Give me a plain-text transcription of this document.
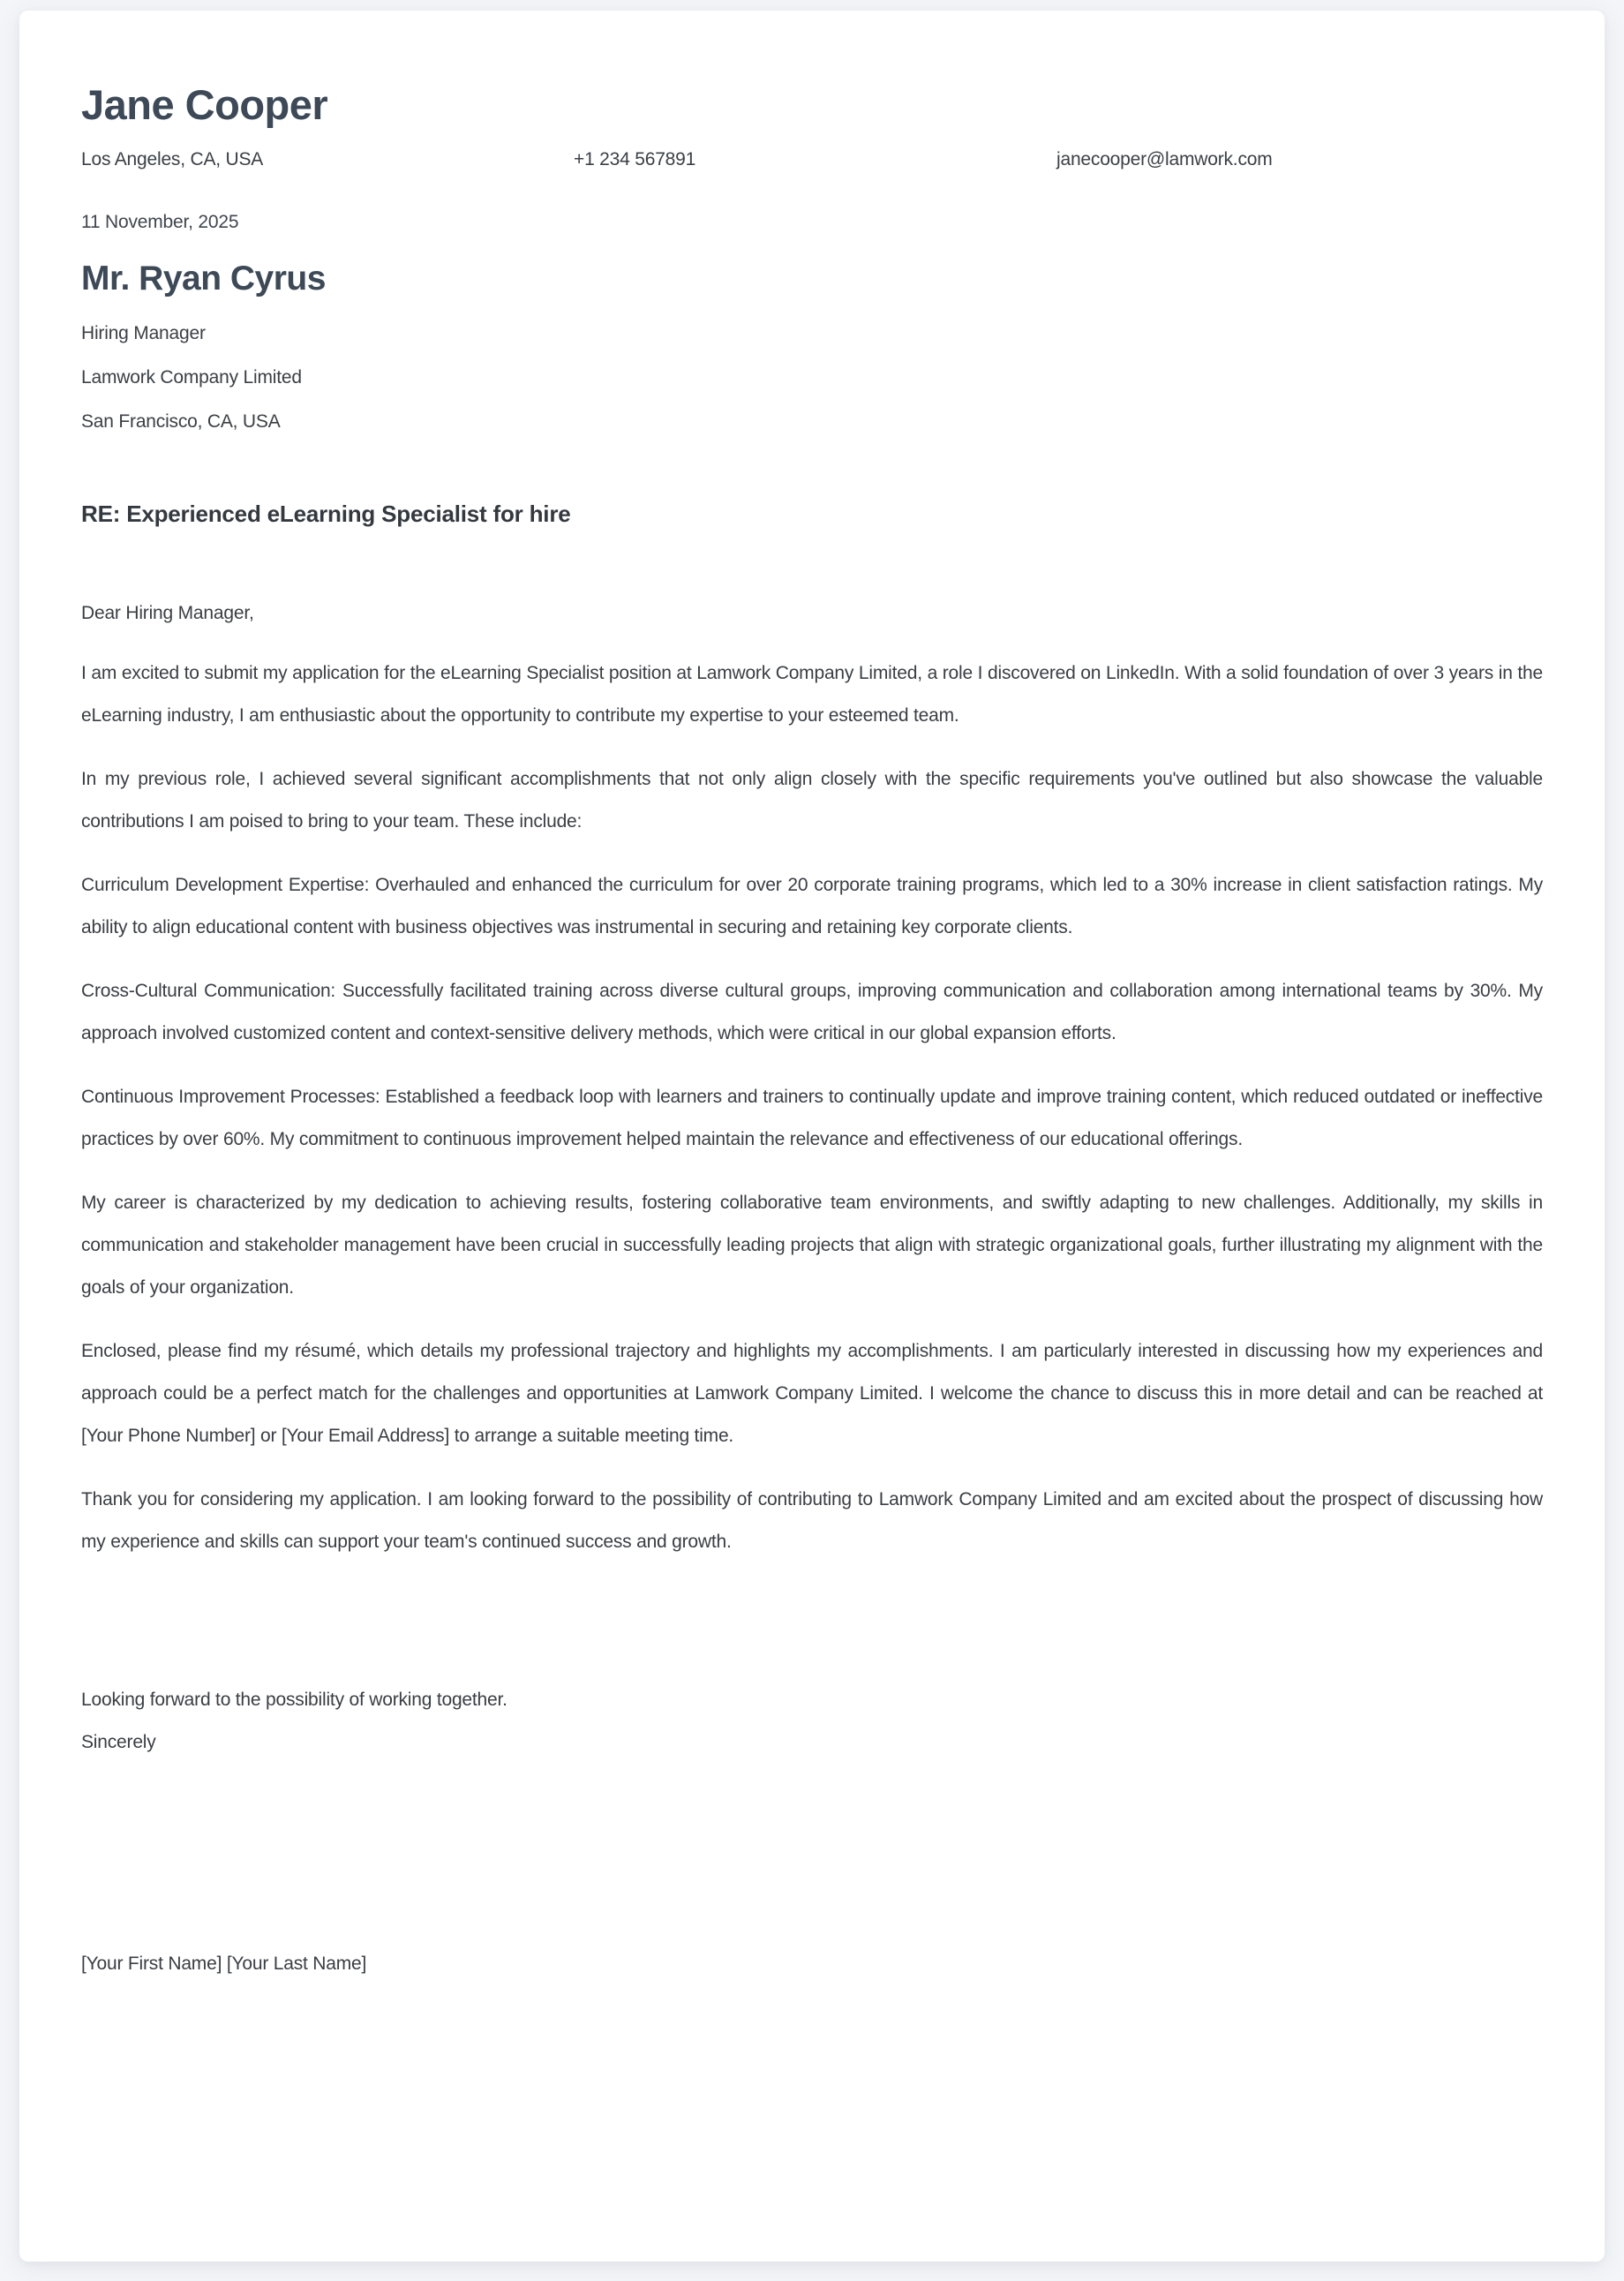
Jane Cooper
Los Angeles, CA, USA	+1 234 567891	janecooper@lamwork.com
11 November, 2025
Mr. Ryan Cyrus

Hiring Manager

Lamwork Company Limited

San Francisco, CA, USA

RE: Experienced eLearning Specialist for hire

Dear Hiring Manager,

I am excited to submit my application for the eLearning Specialist position at Lamwork Company Limited, a role I discovered on LinkedIn. With a solid foundation of over 3 years in the eLearning industry, I am enthusiastic about the opportunity to contribute my expertise to your esteemed team.

In my previous role, I achieved several significant accomplishments that not only align closely with the specific requirements you've outlined but also showcase the valuable contributions I am poised to bring to your team. These include:

Curriculum Development Expertise: Overhauled and enhanced the curriculum for over 20 corporate training programs, which led to a 30% increase in client satisfaction ratings. My ability to align educational content with business objectives was instrumental in securing and retaining key corporate clients.

Cross-Cultural Communication: Successfully facilitated training across diverse cultural groups, improving communication and collaboration among international teams by 30%. My approach involved customized content and context-sensitive delivery methods, which were critical in our global expansion efforts.

Continuous Improvement Processes: Established a feedback loop with learners and trainers to continually update and improve training content, which reduced outdated or ineffective practices by over 60%. My commitment to continuous improvement helped maintain the relevance and effectiveness of our educational offerings.

My career is characterized by my dedication to achieving results, fostering collaborative team environments, and swiftly adapting to new challenges. Additionally, my skills in communication and stakeholder management have been crucial in successfully leading projects that align with strategic organizational goals, further illustrating my alignment with the goals of your organization.

Enclosed, please find my résumé, which details my professional trajectory and highlights my accomplishments. I am particularly interested in discussing how my experiences and approach could be a perfect match for the challenges and opportunities at Lamwork Company Limited. I welcome the chance to discuss this in more detail and can be reached at [Your Phone Number] or [Your Email Address] to arrange a suitable meeting time.

Thank you for considering my application. I am looking forward to the possibility of contributing to Lamwork Company Limited and am excited about the prospect of discussing how my experience and skills can support your team's continued success and growth.

Looking forward to the possibility of working together.

Sincerely

[Your First Name] [Your Last Name]
